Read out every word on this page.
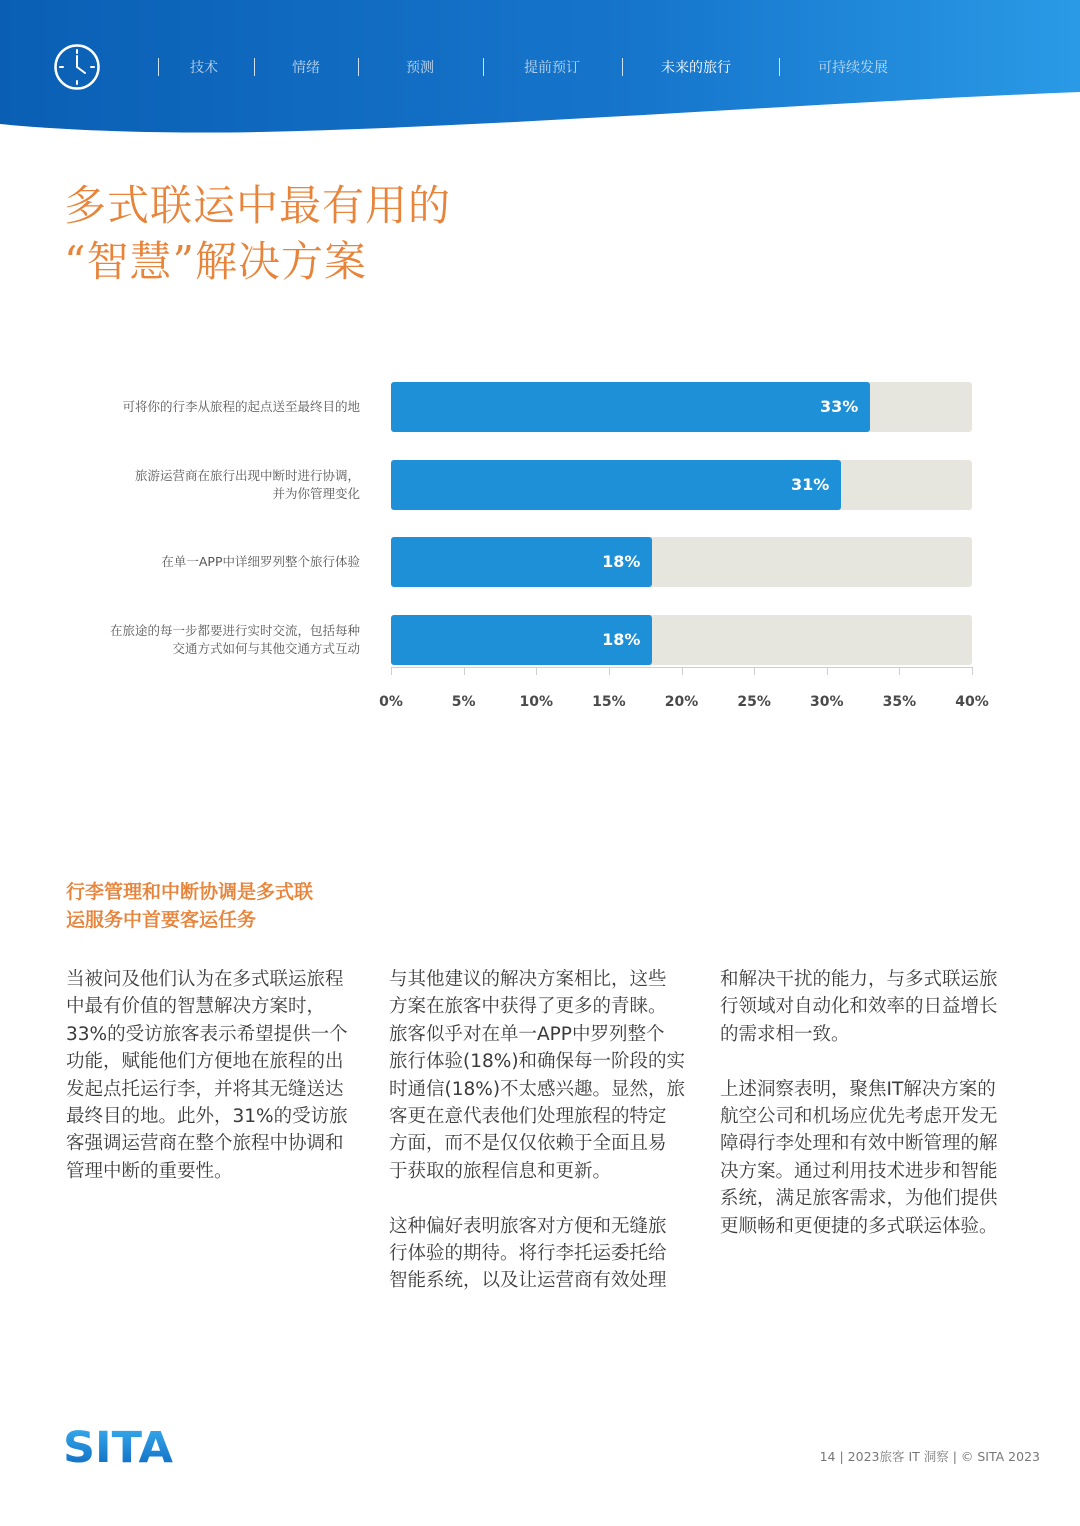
技术	情绪	预测	提前预订	未来的旅行	可持续发展
多式联运中最有用的
“智慧”解决方案
可将你的行李从旅程的起点送至最终目的地	33%
旅游运营商在旅行出现中断时进行协调，
并为你管理变化	31%
在单一APP中详细罗列整个旅行体验	18%
在旅途的每一步都要进行实时交流，包括每种
交通方式如何与其他交通方式互动	18%
0%	5%	10%	15%	20%	25%	30%	35%	40%
行李管理和中断协调是多式联
运服务中首要客运任务

当被问及他们认为在多式联运旅程
中最有价值的智慧解决方案时，
33%的受访旅客表示希望提供一个
功能，赋能他们方便地在旅程的出
发起点托运行李，并将其无缝送达
最终目的地。此外，31%的受访旅
客强调运营商在整个旅程中协调和
管理中断的重要性。

与其他建议的解决方案相比，这些
方案在旅客中获得了更多的青睐。
旅客似乎对在单一APP中罗列整个
旅行体验(18%)和确保每一阶段的实
时通信(18%)不太感兴趣。显然，旅
客更在意代表他们处理旅程的特定
方面，而不是仅仅依赖于全面且易
于获取的旅程信息和更新。

这种偏好表明旅客对方便和无缝旅
行体验的期待。将行李托运委托给
智能系统，以及让运营商有效处理

和解决干扰的能力，与多式联运旅
行领域对自动化和效率的日益增长
的需求相一致。

上述洞察表明，聚焦IT解决方案的
航空公司和机场应优先考虑开发无
障碍行李处理和有效中断管理的解
决方案。通过利用技术进步和智能
系统，满足旅客需求，为他们提供
更顺畅和更便捷的多式联运体验。

SITA	14 | 2023旅客 IT 洞察 | © SITA 2023
